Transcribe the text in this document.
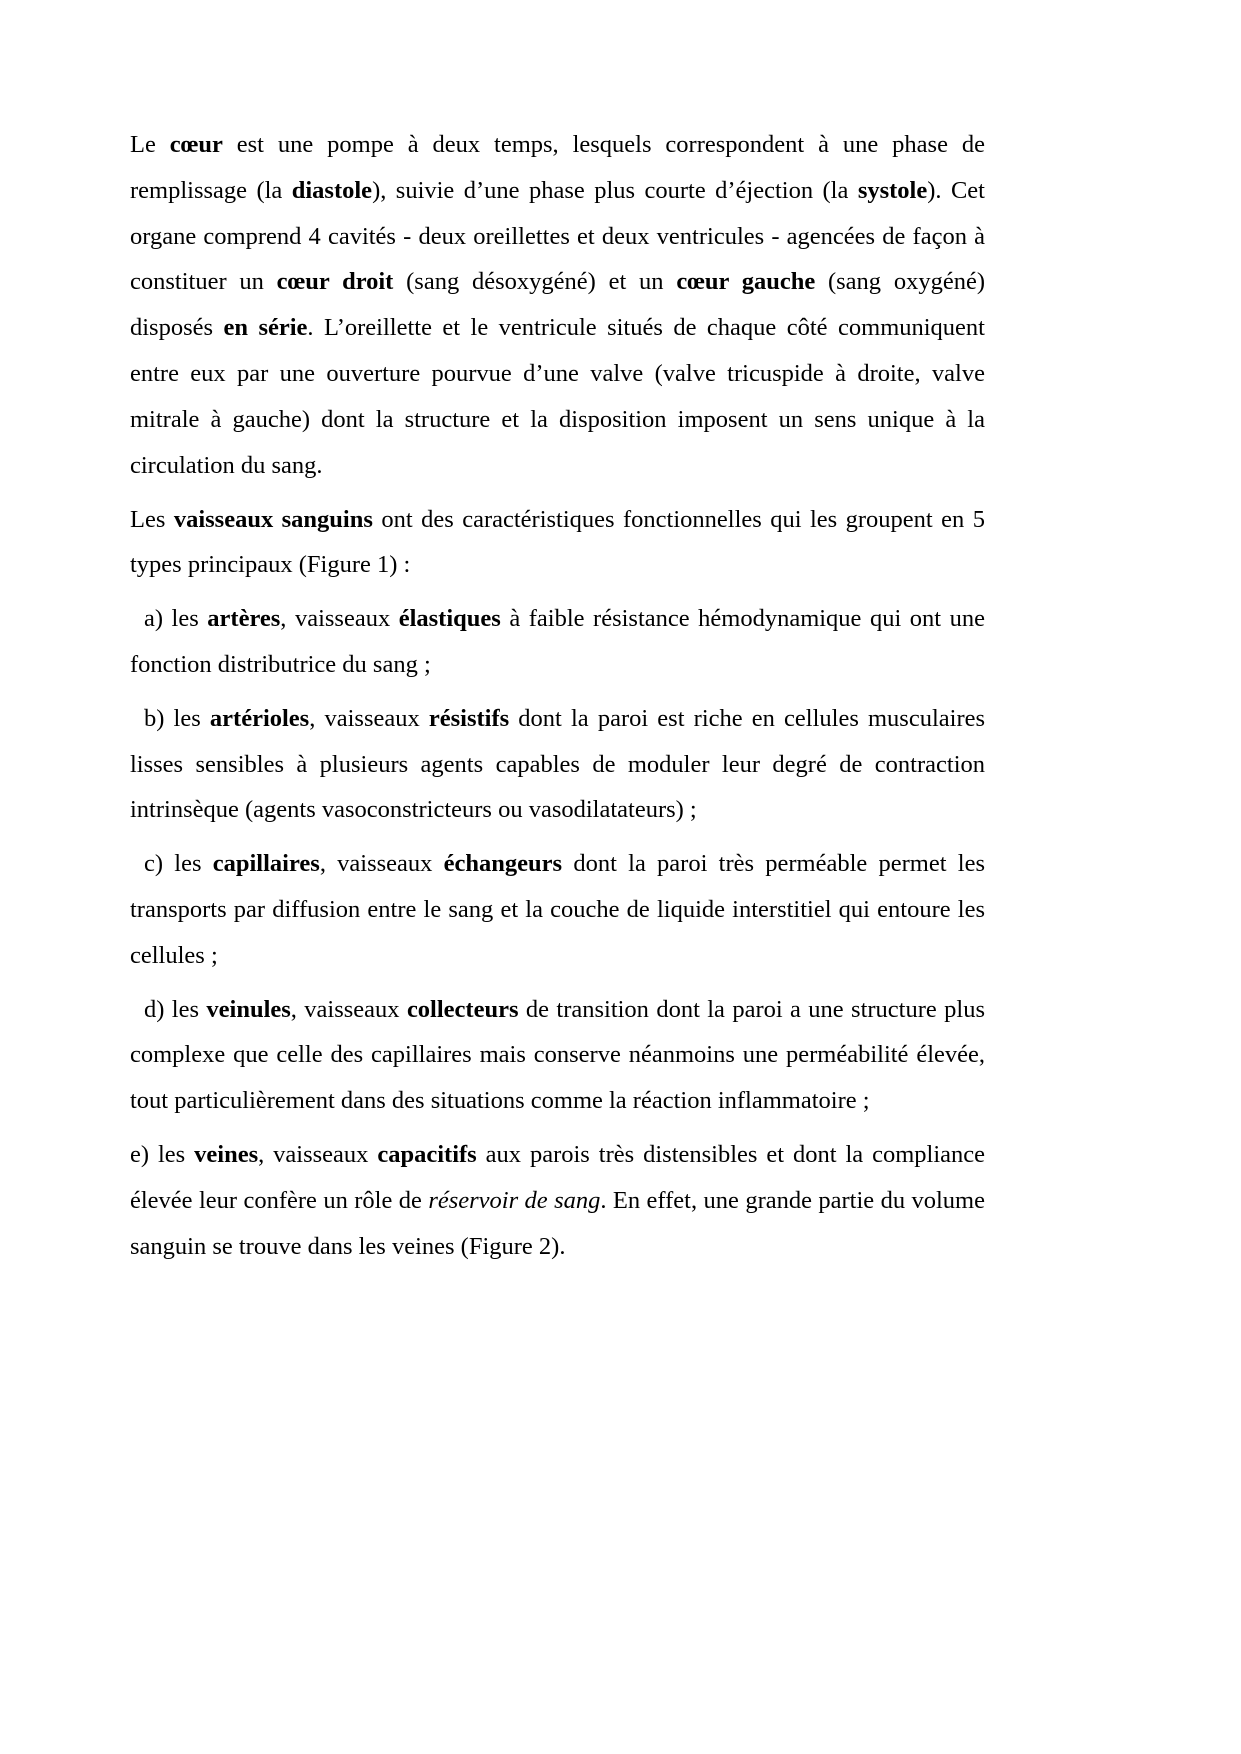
Le cœur est une pompe à deux temps, lesquels correspondent à une phase de remplissage (la diastole), suivie d’une phase plus courte d’éjection (la systole). Cet organe comprend 4 cavités - deux oreillettes et deux ventricules - agencées de façon à constituer un cœur droit (sang désoxygéné) et un cœur gauche (sang oxygéné) disposés en série. L’oreillette et le ventricule situés de chaque côté communiquent entre eux par une ouverture pourvue d’une valve (valve tricuspide à droite, valve mitrale à gauche) dont la structure et la disposition imposent un sens unique à la circulation du sang.

Les vaisseaux sanguins ont des caractéristiques fonctionnelles qui les groupent en 5 types principaux (Figure 1) :

a) les artères, vaisseaux élastiques à faible résistance hémodynamique qui ont une fonction distributrice du sang ;

b) les artérioles, vaisseaux résistifs dont la paroi est riche en cellules musculaires lisses sensibles à plusieurs agents capables de moduler leur degré de contraction intrinsèque (agents vasoconstricteurs ou vasodilatateurs) ;

c) les capillaires, vaisseaux échangeurs dont la paroi très perméable permet les transports par diffusion entre le sang et la couche de liquide interstitiel qui entoure les cellules ;

d) les veinules, vaisseaux collecteurs de transition dont la paroi a une structure plus complexe que celle des capillaires mais conserve néanmoins une perméabilité élevée, tout particulièrement dans des situations comme la réaction inflammatoire ;

e) les veines, vaisseaux capacitifs aux parois très distensibles et dont la compliance élevée leur confère un rôle de réservoir de sang. En effet, une grande partie du volume sanguin se trouve dans les veines (Figure 2).
